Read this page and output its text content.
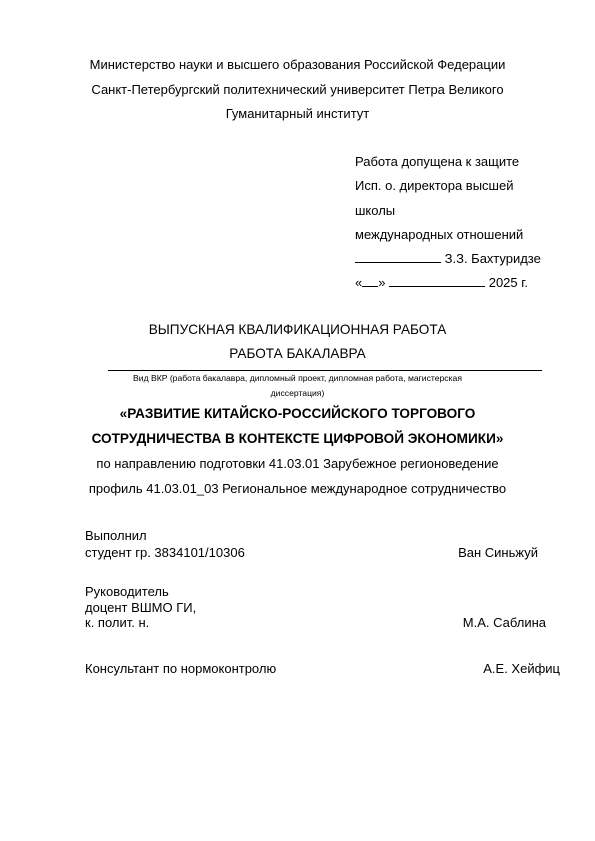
Министерство науки и высшего образования Российской Федерации
Санкт-Петербургский политехнический университет Петра Великого
Гуманитарный институт
Работа допущена к защите
Исп. о. директора высшей
школы
международных отношений
З.З. Бахтуридзе
« »	2025 г.
ВЫПУСКНАЯ КВАЛИФИКАЦИОННАЯ РАБОТА
РАБОТА БАКАЛАВРА
Вид ВКР (работа бакалавра, дипломный проект, дипломная работа, магистерская
диссертация)
«РАЗВИТИЕ КИТАЙСКО-РОССИЙСКОГО ТОРГОВОГО
СОТРУДНИЧЕСТВА В КОНТЕКСТЕ ЦИФРОВОЙ ЭКОНОМИКИ»
по направлению подготовки 41.03.01 Зарубежное регионоведение
профиль 41.03.01_03 Региональное международное сотрудничество
Выполнил
студент гр. 3834101/10306	Ван Синьжуй
Руководитель
доцент ВШМО ГИ,
к. полит. н.	М.А. Саблина
Консультант по нормоконтролю	А.Е. Хейфиц
